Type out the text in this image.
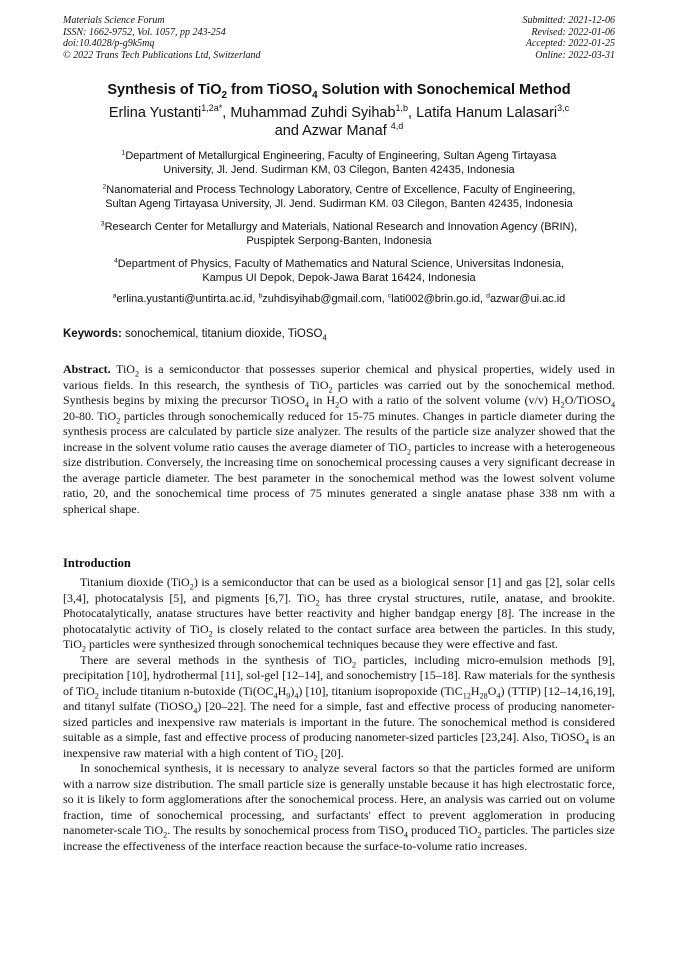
Materials Science Forum
ISSN: 1662-9752, Vol. 1057, pp 243-254
doi:10.4028/p-g9k5mq
© 2022 Trans Tech Publications Ltd, Switzerland
Submitted: 2021-12-06
Revised: 2022-01-06
Accepted: 2022-01-25
Online: 2022-03-31
Synthesis of TiO$_2$ from TiOSO$_4$ Solution with Sonochemical Method
Erlina Yustanti$^{1,2a*}$, Muhammad Zuhdi Syihab$^{1,b}$, Latifa Hanum Lalasari$^{3,c}$
and Azwar Manaf $^{4,d}$
$^1$Department of Metallurgical Engineering, Faculty of Engineering, Sultan Ageng Tirtayasa
University, Jl. Jend. Sudirman KM, 03 Cilegon, Banten 42435, Indonesia
$^2$Nanomaterial and Process Technology Laboratory, Centre of Excellence, Faculty of Engineering,
Sultan Ageng Tirtayasa University, Jl. Jend. Sudirman KM. 03 Cilegon, Banten 42435, Indonesia
$^3$Research Center for Metallurgy and Materials, National Research and Innovation Agency (BRIN),
Puspiptek Serpong-Banten, Indonesia
$^4$Department of Physics, Faculty of Mathematics and Natural Science, Universitas Indonesia,
Kampus UI Depok, Depok-Jawa Barat 16424, Indonesia
$^a$erlina.yustanti@untirta.ac.id, $^b$zuhdisyihab@gmail.com, $^c$lati002@brin.go.id, $^d$azwar@ui.ac.id
Keywords: sonochemical, titanium dioxide, TiOSO$_4$

Abstract. TiO$_2$ is a semiconductor that possesses superior chemical and physical properties, widely used in various fields. In this research, the synthesis of TiO$_2$ particles was carried out by the sonochemical method. Synthesis begins by mixing the precursor TiOSO$_4$ in $H_2O$ with a ratio of the solvent volume (v/v) $H_2O/TiOSO_4$ 20-80. TiO$_2$ particles through sonochemically reduced for 15-75 minutes. Changes in particle diameter during the synthesis process are calculated by particle size analyzer. The results of the particle size analyzer showed that the increase in the solvent volume ratio causes the average diameter of TiO$_2$ particles to increase with a heterogeneous size distribution. Conversely, the increasing time on sonochemical processing causes a very significant decrease in the average particle diameter. The best parameter in the sonochemical method was the lowest solvent volume ratio, 20, and the sonochemical time process of 75 minutes generated a single anatase phase 338 nm with a spherical shape.

Introduction

Titanium dioxide (TiO$_2$) is a semiconductor that can be used as a biological sensor [1] and gas [2], solar cells [3,4], photocatalysis [5], and pigments [6,7]. TiO$_2$ has three crystal structures, rutile, anatase, and brookite. Photocatalytically, anatase structures have better reactivity and higher bandgap energy [8]. The increase in the photocatalytic activity of TiO$_2$ is closely related to the contact surface area between the particles. In this study, TiO$_2$ particles were synthesized through sonochemical techniques because they were effective and fast.

There are several methods in the synthesis of TiO$_2$ particles, including micro-emulsion methods [9], precipitation [10], hydrothermal [11], sol-gel [12–14], and sonochemistry [15–18]. Raw materials for the synthesis of TiO$_2$ include titanium n-butoxide $(Ti(OC_4H_9)_4)$ [10], titanium isopropoxide $(TiC_{12}H_{28}O_4)$ (TTIP) [12–14,16,19], and titanyl sulfate (TiOSO$_4$) [20–22]. The need for a simple, fast and effective process of producing nanometer-sized particles and inexpensive raw materials is important in the future. The sonochemical method is considered suitable as a simple, fast and effective process of producing nanometer-sized particles [23,24]. Also, TiOSO$_4$ is an inexpensive raw material with a high content of TiO$_2$ [20].

In sonochemical synthesis, it is necessary to analyze several factors so that the particles formed are uniform with a narrow size distribution. The small particle size is generally unstable because it has high electrostatic force, so it is likely to form agglomerations after the sonochemical process. Here, an analysis was carried out on volume fraction, time of sonochemical processing, and surfactants' effect to prevent agglomeration in producing nanometer-scale TiO$_2$. The results by sonochemical process from TiSO$_4$ produced TiO$_2$ particles. The particles size increase the effectiveness of the interface reaction because the surface-to-volume ratio increases.
